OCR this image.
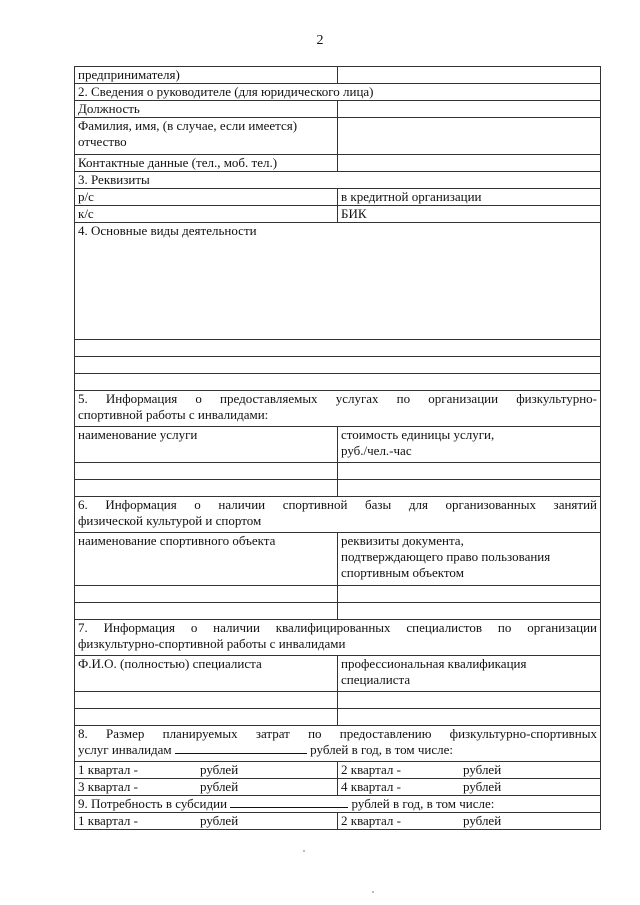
2
предпринимателя)	
2. Сведения о руководителе (для юридического лица)	
Должность	
Фамилия, имя, (в случае, если имеется)
отчество	
Контактные данные (тел., моб. тел.)	
3. Реквизиты	
р/с	в кредитной организации
к/с	БИК
4. Основные виды деятельности	

5. Информация о предоставляемых услугах по организации физкультурно-
спортивной работы с инвалидами:	

наименование услуги	стоимость единицы услуги,
руб./чел.-час

6. Информация о наличии спортивной базы для организованных занятий
физической культурой и спортом	

наименование спортивного объекта	реквизиты документа,
подтверждающего право пользования
спортивным объектом

7. Информация о наличии квалифицированных специалистов по организации
физкультурно-спортивной работы с инвалидами	

Ф.И.О. (полностью) специалиста	профессиональная квалификация
специалиста

8. Размер планируемых затрат по предоставлению физкультурно-спортивных
услуг инвалидам рублей в год, в том числе:	
1 квартал - рублей	2 квартал - рублей
3 квартал - рублей	4 квартал - рублей
9. Потребность в субсидии рублей в год, в том числе:	
1 квартал - рублей	2 квартал - рублей
